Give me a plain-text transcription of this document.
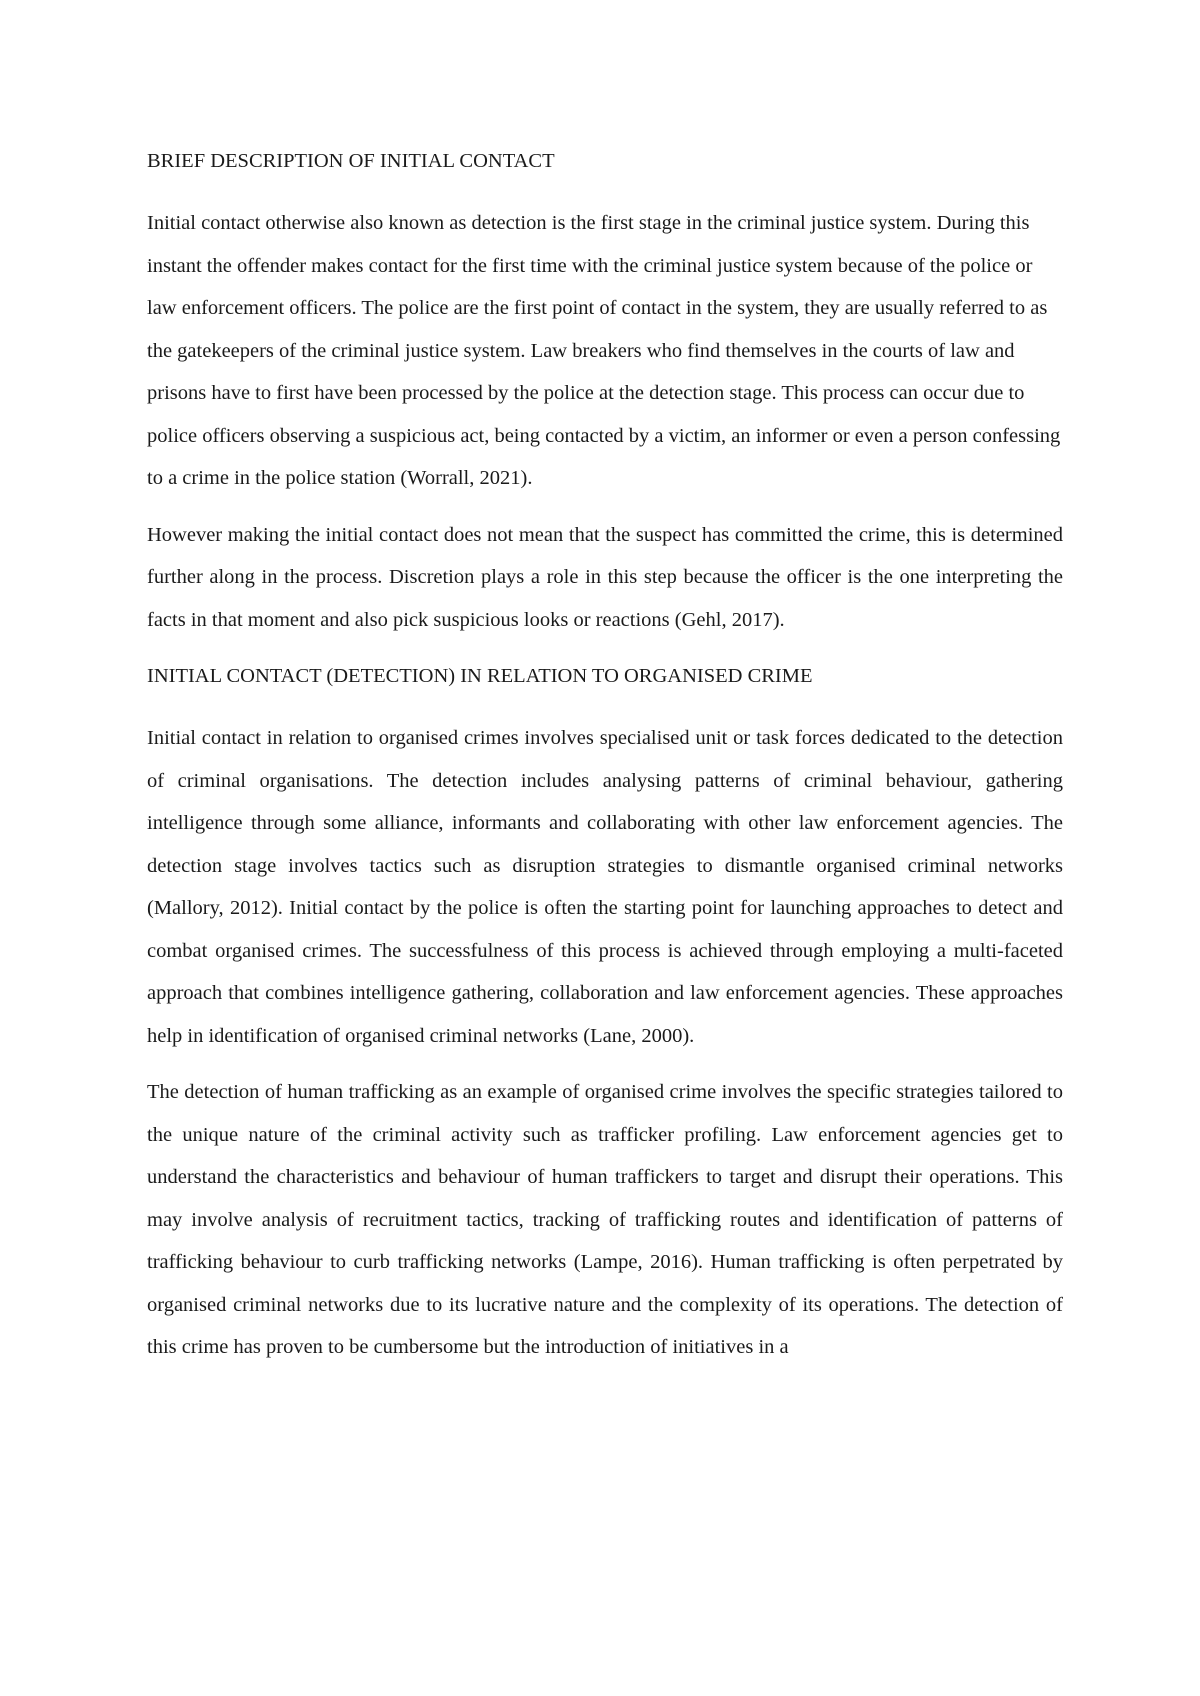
BRIEF DESCRIPTION OF INITIAL CONTACT

Initial contact otherwise also known as detection is the first stage in the criminal justice system. During this instant the offender makes contact for the first time with the criminal justice system because of the police or law enforcement officers. The police are the first point of contact in the system, they are usually referred to as the gatekeepers of the criminal justice system. Law breakers who find themselves in the courts of law and prisons have to first have been processed by the police at the detection stage. This process can occur due to police officers observing a suspicious act, being contacted by a victim, an informer or even a person confessing to a crime in the police station (Worrall, 2021).

However making the initial contact does not mean that the suspect has committed the crime, this is determined further along in the process. Discretion plays a role in this step because the officer is the one interpreting the facts in that moment and also pick suspicious looks or reactions (Gehl, 2017).

INITIAL CONTACT (DETECTION) IN RELATION TO ORGANISED CRIME

Initial contact in relation to organised crimes involves specialised unit or task forces dedicated to the detection of criminal organisations. The detection includes analysing patterns of criminal behaviour, gathering intelligence through some alliance, informants and collaborating with other law enforcement agencies. The detection stage involves tactics such as disruption strategies to dismantle organised criminal networks (Mallory, 2012). Initial contact by the police is often the starting point for launching approaches to detect and combat organised crimes. The successfulness of this process is achieved through employing a multi-faceted approach that combines intelligence gathering, collaboration and law enforcement agencies. These approaches help in identification of organised criminal networks (Lane, 2000).

The detection of human trafficking as an example of organised crime involves the specific strategies tailored to the unique nature of the criminal activity such as trafficker profiling. Law enforcement agencies get to understand the characteristics and behaviour of human traffickers to target and disrupt their operations. This may involve analysis of recruitment tactics, tracking of trafficking routes and identification of patterns of trafficking behaviour to curb trafficking networks (Lampe, 2016). Human trafficking is often perpetrated by organised criminal networks due to its lucrative nature and the complexity of its operations. The detection of this crime has proven to be cumbersome but the introduction of initiatives in a
